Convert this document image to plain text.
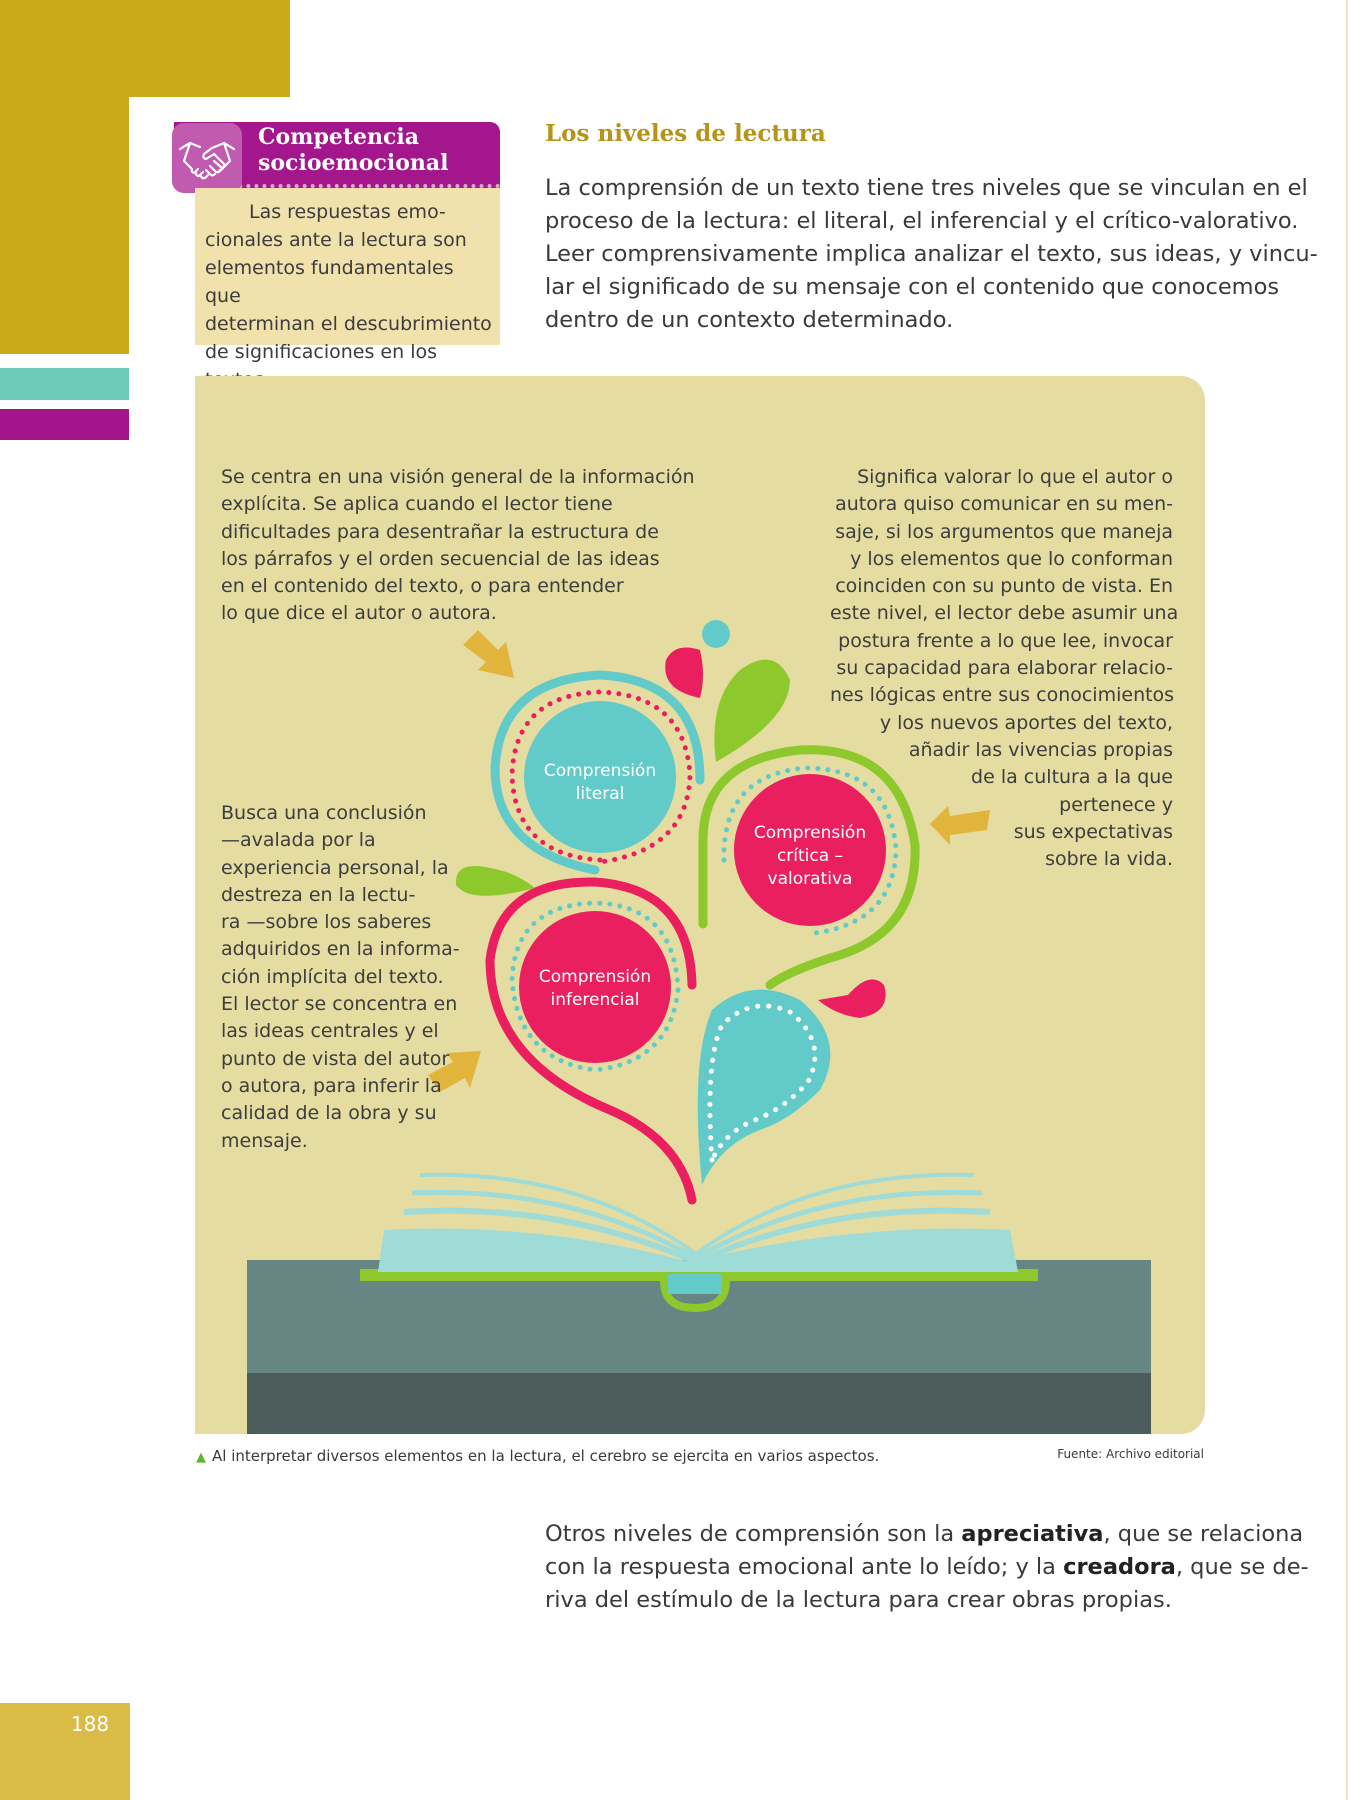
Competencia
socioemocional
Las respuestas emo-
cionales ante la lectura son
elementos fundamentales que
determinan el descubrimiento
de significaciones en los
Los niveles de lectura
La comprensión de un texto tiene tres niveles que se vinculan en el
proceso de la lectura: el literal, el inferencial y el crítico-valorativo.
Leer comprensivamente implica analizar el texto, sus ideas, y vincu-
lar el significado de su mensaje con el contenido que conocemos
dentro de un contexto determinado.
Comprensión
literal
Comprensión
crítica –
valorativa
Comprensión
inferencial
Se centra en una visión general de la información
explícita. Se aplica cuando el lector tiene
dificultades para desentrañar la estructura de
los párrafos y el orden secuencial de las ideas
en el contenido del texto, o para entender
lo que dice el autor o autora.
Busca una conclusión
—avalada por la
experiencia personal, la
destreza en la lectu-
ra —sobre los saberes
adquiridos en la informa-
ción implícita del texto.
El lector se concentra en
las ideas centrales y el
punto de vista del autor
o autora, para inferir la
calidad de la obra y su
mensaje.
Significa valorar lo que el autor o
autora quiso comunicar en su men-
saje, si los argumentos que maneja
y los elementos que lo conforman
coinciden con su punto de vista. En
este nivel, el lector debe asumir una
postura frente a lo que lee, invocar
su capacidad para elaborar relacio-
nes lógicas entre sus conocimientos
y los nuevos aportes del texto,
añadir las vivencias propias
de la cultura a la que
pertenece y
sus expectativas
sobre la vida.
▲ Al interpretar diversos elementos en la lectura, el cerebro se ejercita en varios aspectos.	Fuente: Archivo editorial
Otros niveles de comprensión son la apreciativa, que se relaciona
con la respuesta emocional ante lo leído; y la creadora, que se de-
riva del estímulo de la lectura para crear obras propias.
188
